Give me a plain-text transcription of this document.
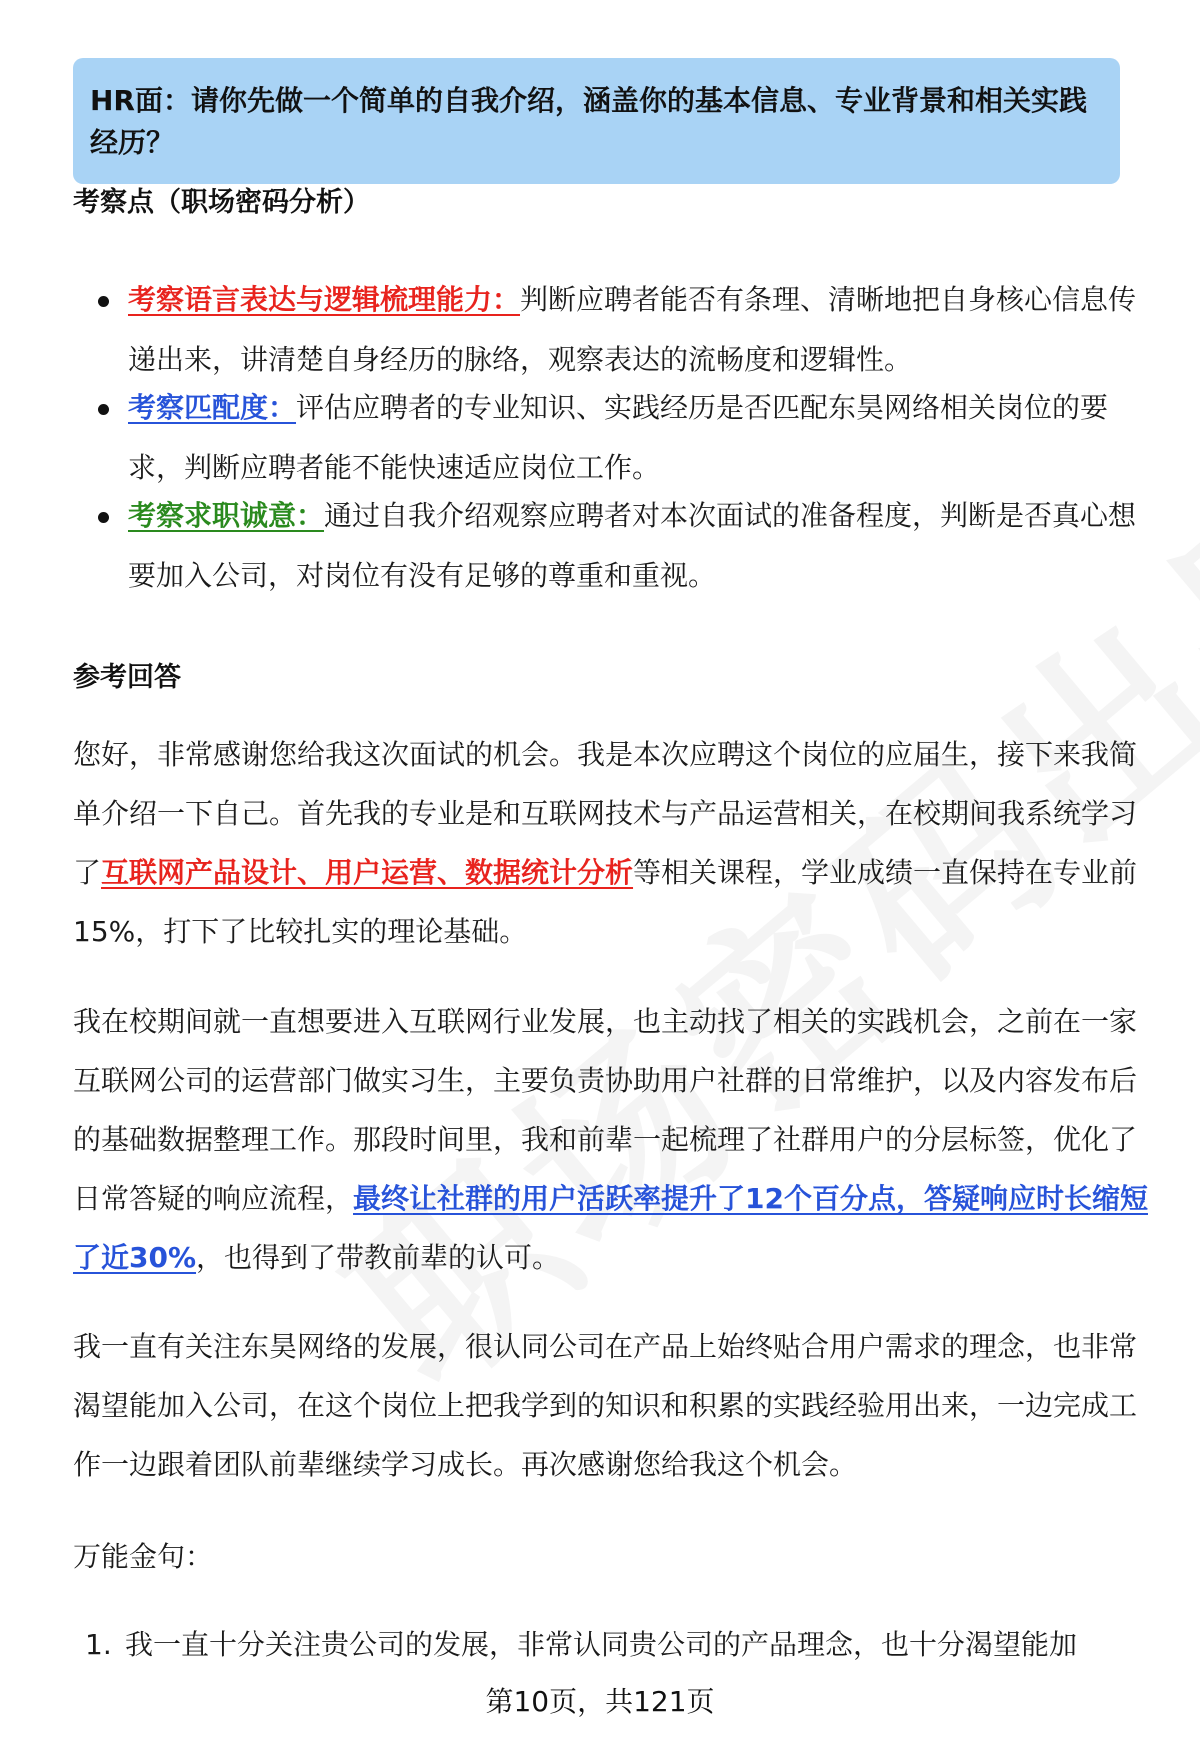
HR面：请你先做一个简单的自我介绍，涵盖你的基本信息、专业背景和相关实践经历？
考察点（职场密码分析）
考察语言表达与逻辑梳理能力：判断应聘者能否有条理、清晰地把自身核心信息传递出来，讲清楚自身经历的脉络，观察表达的流畅度和逻辑性。
考察匹配度：评估应聘者的专业知识、实践经历是否匹配东昊网络相关岗位的要求，判断应聘者能不能快速适应岗位工作。
考察求职诚意：通过自我介绍观察应聘者对本次面试的准备程度，判断是否真心想要加入公司，对岗位有没有足够的尊重和重视。
参考回答

您好，非常感谢您给我这次面试的机会。我是本次应聘这个岗位的应届生，接下来我简单介绍一下自己。首先我的专业是和互联网技术与产品运营相关，在校期间我系统学习了互联网产品设计、用户运营、数据统计分析等相关课程，学业成绩一直保持在专业前15%，打下了比较扎实的理论基础。

我在校期间就一直想要进入互联网行业发展，也主动找了相关的实践机会，之前在一家互联网公司的运营部门做实习生，主要负责协助用户社群的日常维护，以及内容发布后的基础数据整理工作。那段时间里，我和前辈一起梳理了社群用户的分层标签，优化了日常答疑的响应流程，最终让社群的用户活跃率提升了12个百分点，答疑响应时长缩短了近30%，也得到了带教前辈的认可。

我一直有关注东昊网络的发展，很认同公司在产品上始终贴合用户需求的理念，也非常渴望能加入公司，在这个岗位上把我学到的知识和积累的实践经验用出来，一边完成工作一边跟着团队前辈继续学习成长。再次感谢您给我这个机会。

万能金句：

1. 我一直十分关注贵公司的发展，非常认同贵公司的产品理念，也十分渴望能加
第10页，共121页
